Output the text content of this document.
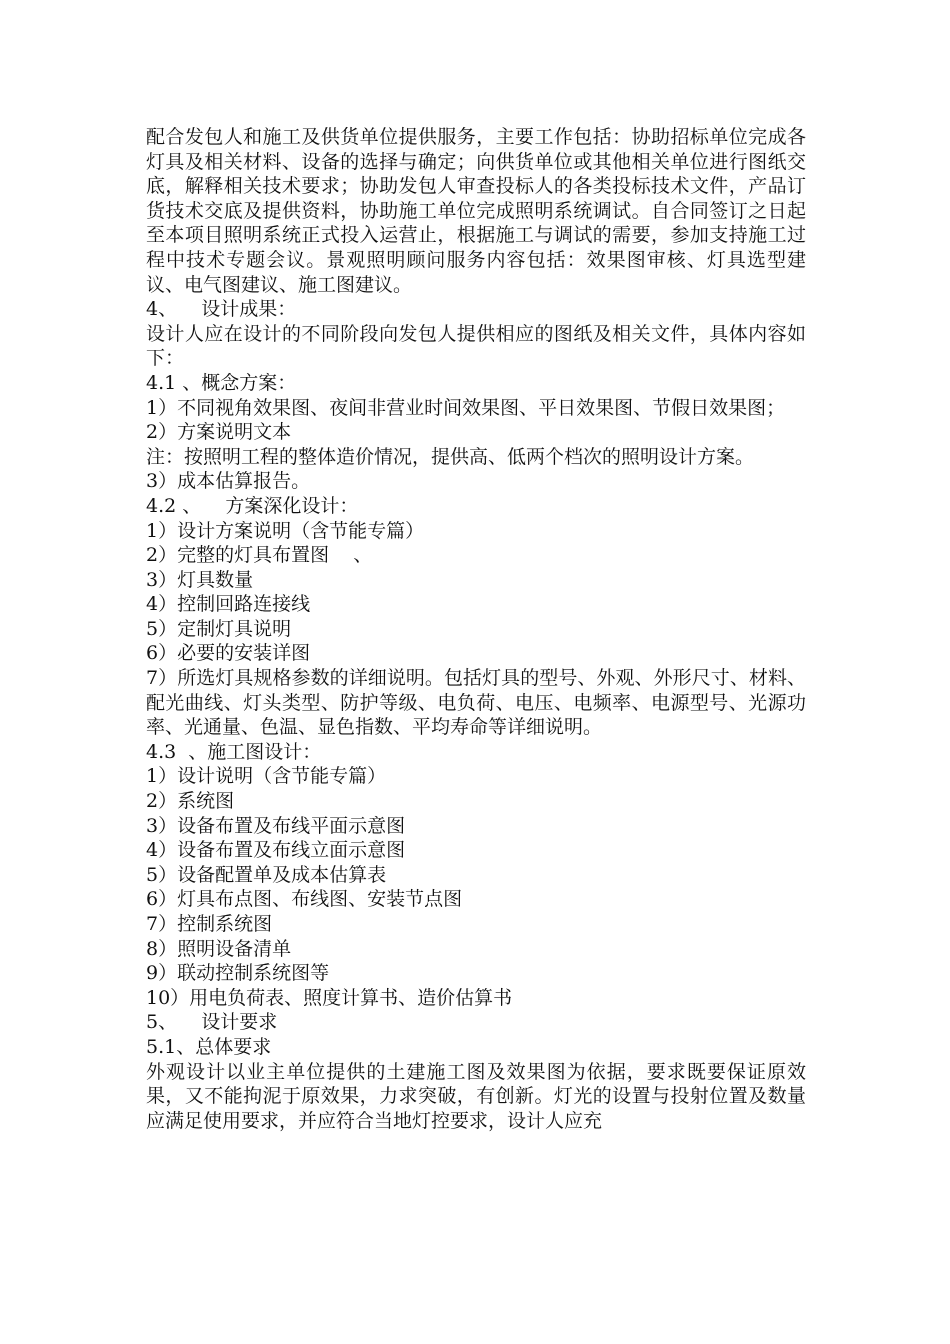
配合发包人和施工及供货单位提供服务，主要工作包括：协助招标单位完成各灯具及相关材料、设备的选择与确定；向供货单位或其他相关单位进行图纸交底，解释相关技术要求；协助发包人审查投标人的各类投标技术文件，产品订货技术交底及提供资料，协助施工单位完成照明系统调试。自合同签订之日起至本项目照明系统正式投入运营止，根据施工与调试的需要，参加支持施工过程中技术专题会议。景观照明顾问服务内容包括：效果图审核、灯具选型建议、电气图建议、施工图建议。

4、    设计成果：

设计人应在设计的不同阶段向发包人提供相应的图纸及相关文件，具体内容如下：

4.1 、概念方案：

1）不同视角效果图、夜间非营业时间效果图、平日效果图、节假日效果图；

2）方案说明文本

注：按照明工程的整体造价情况，提供高、低两个档次的照明设计方案。

3）成本估算报告。

4.2 、    方案深化设计：

1）设计方案说明（含节能专篇）

2）完整的灯具布置图    、

3）灯具数量

4）控制回路连接线

5）定制灯具说明

6）必要的安装详图

7）所选灯具规格参数的详细说明。包括灯具的型号、外观、外形尺寸、材料、配光曲线、灯头类型、防护等级、电负荷、电压、电频率、电源型号、光源功率、光通量、色温、显色指数、平均寿命等详细说明。

4.3  、施工图设计：

1）设计说明（含节能专篇）

2）系统图

3）设备布置及布线平面示意图

4）设备布置及布线立面示意图

5）设备配置单及成本估算表

6）灯具布点图、布线图、安装节点图

7）控制系统图

8）照明设备清单

9）联动控制系统图等

10）用电负荷表、照度计算书、造价估算书

5、    设计要求

5.1、总体要求

外观设计以业主单位提供的土建施工图及效果图为依据，要求既要保证原效果，又不能拘泥于原效果，力求突破，有创新。灯光的设置与投射位置及数量应满足使用要求，并应符合当地灯控要求，设计人应充
